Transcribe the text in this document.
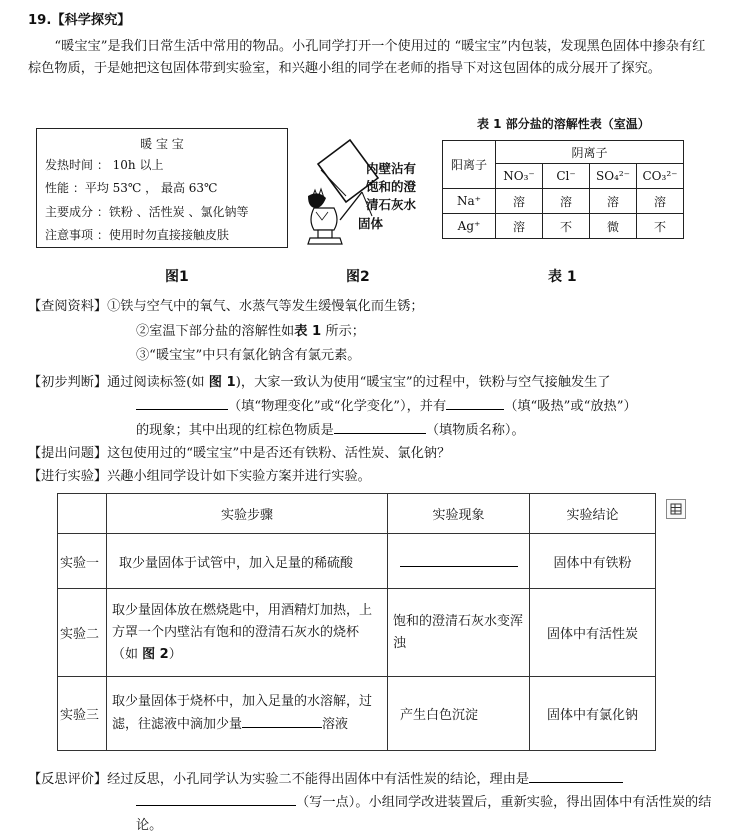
19.【科学探究】
“暖宝宝”是我们日常生活中常用的物品。小孔同学打开一个使用过的 “暖宝宝”内包装，发现黑色固体中掺杂有红棕色物质，于是她把这包固体带到实验室，和兴趣小组的同学在老师的指导下对这包固体的成分展开了探究。
暖 宝 宝
发热时间 ： 10h 以上
性能 ：平均 53℃ ， 最高 63℃
主要成分 ：铁粉 、活性炭 、氯化钠等
注意事项 ：使用时勿直接接触皮肤
图1
内壁沾有
饱和的澄
清石灰水
固体
图2
表 1 部分盐的溶解性表（室温）
阳离子	阴离子			
	NO₃⁻	Cl⁻	SO₄²⁻	CO₃²⁻
Na⁺	溶	溶	溶	溶
Ag⁺	溶	不	微	不
表 1
【查阅资料】①铁与空气中的氧气、水蒸气等发生缓慢氧化而生锈；
②室温下部分盐的溶解性如表 1 所示；
③“暖宝宝”中只有氯化钠含有氯元素。
【初步判断】通过阅读标签(如 图 1)，大家一致认为使用“暖宝宝”的过程中，铁粉与空气接触发生了
（填“物理变化”或“化学变化”），并有	（填“吸热”或“放热”）
的现象；其中出现的红棕色物质是	（填物质名称）。
【提出问题】这包使用过的“暖宝宝”中是否还有铁粉、活性炭、氯化钠？
【进行实验】兴趣小组同学设计如下实验方案并进行实验。
	实验步骤	实验现象	实验结论
实验一	取少量固体于试管中，加入足量的稀硫酸		固体中有铁粉
实验二	取少量固体放在燃烧匙中，用酒精灯加热，上方罩一个内壁沾有饱和的澄清石灰水的烧杯（如 图 2）	饱和的澄清石灰水变浑浊	固体中有活性炭
实验三	取少量固体于烧杯中，加入足量的水溶解，过滤，往滤液中滴加少量 溶液	产生白色沉淀	固体中有氯化钠
【反思评价】经过反思，小孔同学认为实验二不能得出固体中有活性炭的结论，理由是
（写一点）。小组同学改进装置后，重新实验，得出固体中有活性炭的结论。
